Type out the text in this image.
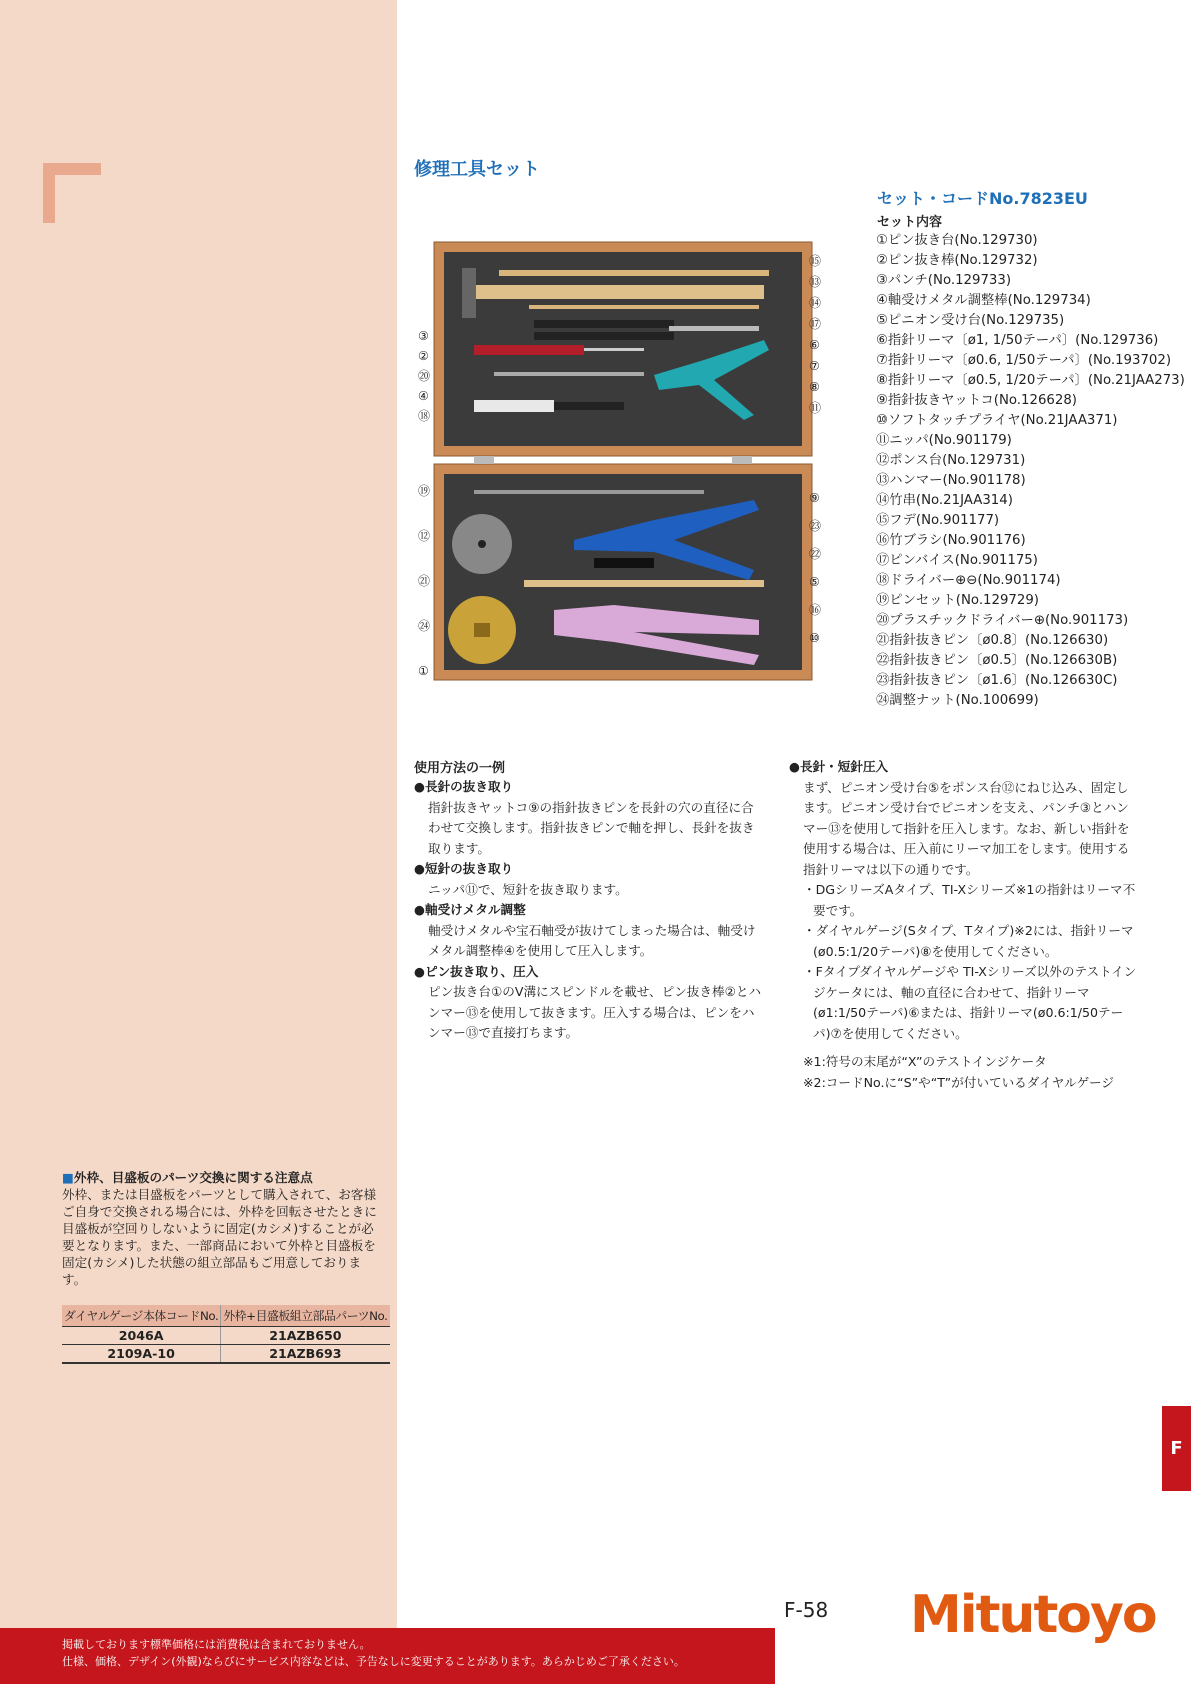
■外枠、目盛板のパーツ交換に関する注意点

外枠、または目盛板をパーツとして購入されて、お客様ご自身で交換される場合には、外枠を回転させたときに目盛板が空回りしないように固定(カシメ)することが必要となります。また、一部商品において外枠と目盛板を固定(カシメ)した状態の組立部品もご用意しております。

ダイヤルゲージ本体コードNo.	外枠+目盛板組立部品パーツNo.
2046A	21AZB650
2109A-10	21AZB693
修理工具セット
セット・コードNo.7823EU
セット内容
①ピン抜き台(No.129730)
②ピン抜き棒(No.129732)
③パンチ(No.129733)
④軸受けメタル調整棒(No.129734)
⑤ピニオン受け台(No.129735)
⑥指針リーマ〔ø1, 1/50テーパ〕(No.129736)
⑦指針リーマ〔ø0.6, 1/50テーパ〕(No.193702)
⑧指針リーマ〔ø0.5, 1/20テーパ〕(No.21JAA273)
⑨指針抜きヤットコ(No.126628)
⑩ソフトタッチプライヤ(No.21JAA371)
⑪ニッパ(No.901179)
⑫ポンス台(No.129731)
⑬ハンマー(No.901178)
⑭竹串(No.21JAA314)
⑮フデ(No.901177)
⑯竹ブラシ(No.901176)
⑰ピンバイス(No.901175)
⑱ドライバー⊕⊖(No.901174)
⑲ピンセット(No.129729)
⑳プラスチックドライバー⊕(No.901173)
㉑指針抜きピン〔ø0.8〕(No.126630)
㉒指針抜きピン〔ø0.5〕(No.126630B)
㉓指針抜きピン〔ø1.6〕(No.126630C)
㉔調整ナット(No.100699)
③
②
⑳
④
⑱
⑮
⑬
⑭
⑰
⑥
⑦
⑧
⑪
⑲
⑫
㉑
㉔
①
⑨
㉓
㉒
⑤
⑯
⑩
使用方法の一例
●長針の抜き取り

指針抜きヤットコ⑨の指針抜きピンを長針の穴の直径に合わせて交換します。指針抜きピンで軸を押し、長針を抜き取ります。

●短針の抜き取り

ニッパ⑪で、短針を抜き取ります。

●軸受けメタル調整

軸受けメタルや宝石軸受が抜けてしまった場合は、軸受けメタル調整棒④を使用して圧入します。

●ピン抜き取り、圧入

ピン抜き台①のV溝にスピンドルを載せ、ピン抜き棒②とハンマー⑬を使用して抜きます。圧入する場合は、ピンをハンマー⑬で直接打ちます。

●長針・短針圧入

まず、ピニオン受け台⑤をポンス台⑫にねじ込み、固定します。ピニオン受け台でピニオンを支え、パンチ③とハンマー⑬を使用して指針を圧入します。なお、新しい指針を使用する場合は、圧入前にリーマ加工をします。使用する指針リーマは以下の通りです。

・DGシリーズAタイプ、TI-Xシリーズ※1の指針はリーマ不要です。
・ダイヤルゲージ(Sタイプ、Tタイプ)※2には、指針リーマ(ø0.5:1/20テーパ)⑧を使用してください。
・Fタイプダイヤルゲージや TI-Xシリーズ以外のテストインジケータには、軸の直径に合わせて、指針リーマ(ø1:1/50テーパ)⑥または、指針リーマ(ø0.6:1/50テーパ)⑦を使用してください。
※1:符号の末尾が“X”のテストインジケータ
※2:コードNo.に“S”や“T”が付いているダイヤルゲージ
F
掲載しております標準価格には消費税は含まれておりません。
仕様、価格、デザイン(外観)ならびにサービス内容などは、予告なしに変更することがあります。あらかじめご了承ください。
F-58 Mitutoyo
